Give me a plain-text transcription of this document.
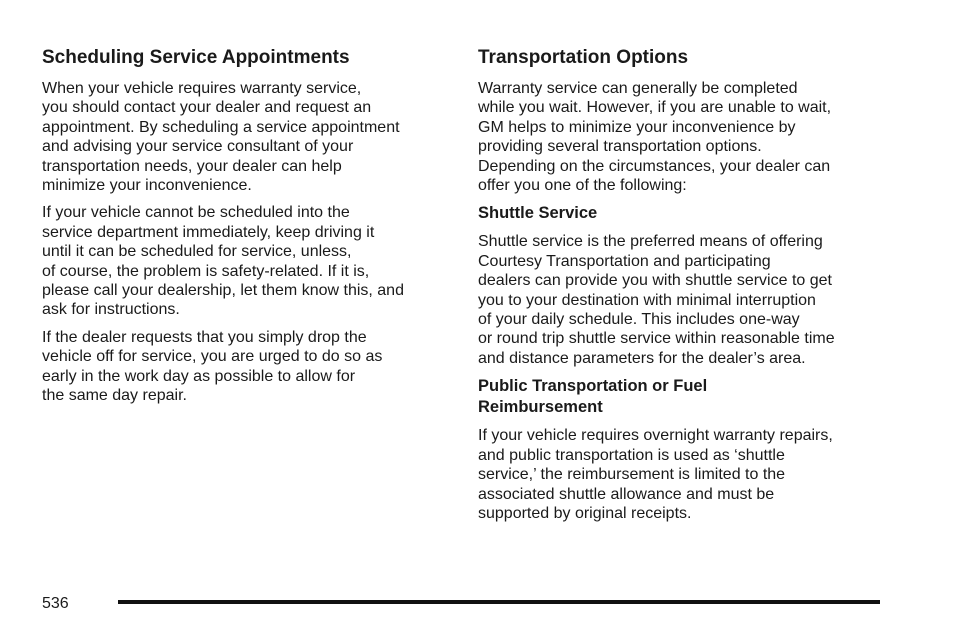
Scheduling Service Appointments

When your vehicle requires warranty service,
you should contact your dealer and request an
appointment. By scheduling a service appointment
and advising your service consultant of your
transportation needs, your dealer can help
minimize your inconvenience.

If your vehicle cannot be scheduled into the
service department immediately, keep driving it
until it can be scheduled for service, unless,
of course, the problem is safety-related. If it is,
please call your dealership, let them know this, and
ask for instructions.

If the dealer requests that you simply drop the
vehicle off for service, you are urged to do so as
early in the work day as possible to allow for
the same day repair.

Transportation Options

Warranty service can generally be completed
while you wait. However, if you are unable to wait,
GM helps to minimize your inconvenience by
providing several transportation options.
Depending on the circumstances, your dealer can
offer you one of the following:

Shuttle Service

Shuttle service is the preferred means of offering
Courtesy Transportation and participating
dealers can provide you with shuttle service to get
you to your destination with minimal interruption
of your daily schedule. This includes one-way
or round trip shuttle service within reasonable time
and distance parameters for the dealer’s area.

Public Transportation or Fuel
Reimbursement

If your vehicle requires overnight warranty repairs,
and public transportation is used as ‘shuttle
service,’ the reimbursement is limited to the
associated shuttle allowance and must be
supported by original receipts.

536
